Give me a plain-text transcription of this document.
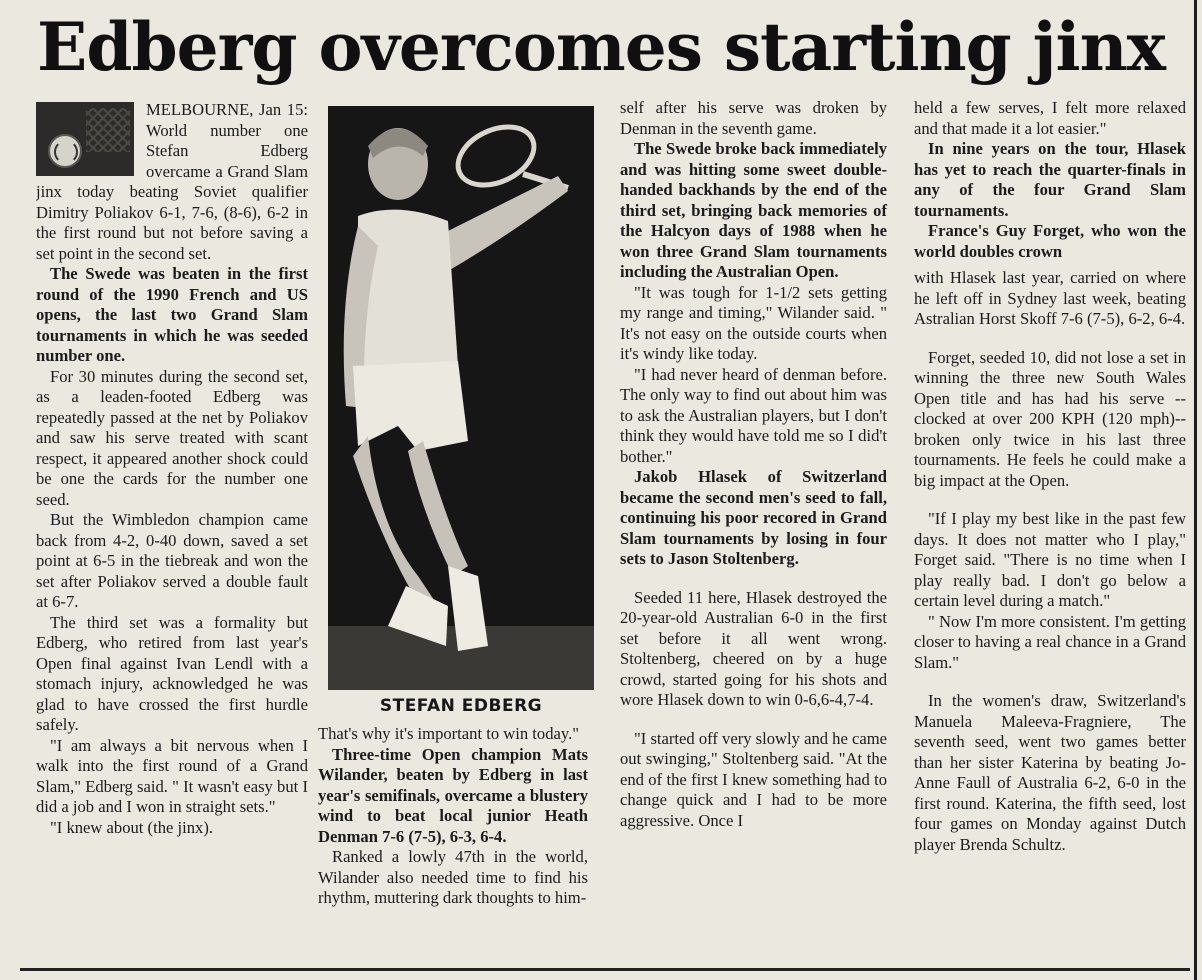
Edberg overcomes starting jinx

MELBOURNE, Jan 15: World number one Stefan Edberg overcame a Grand Slam jinx today beating Soviet qualifier Dimitry Poliakov 6-1, 7-6, (8-6), 6-2 in the first round but not before saving a set point in the second set.

The Swede was beaten in the first round of the 1990 French and US opens, the last two Grand Slam tournaments in which he was seeded number one.

For 30 minutes during the second set, as a leaden-footed Edberg was repeatedly passed at the net by Poliakov and saw his serve treated with scant respect, it appeared another shock could be one the cards for the number one seed.

But the Wimbledon champion came back from 4-2, 0-40 down, saved a set point at 6-5 in the tiebreak and won the set after Poliakov served a double fault at 6-7.

The third set was a formality but Edberg, who retired from last year's Open final against Ivan Lendl with a stomach injury, acknowledged he was glad to have crossed the first hurdle safely.

"I am always a bit nervous when I walk into the first round of a Grand Slam," Edberg said. " It wasn't easy but I did a job and I won in straight sets."

"I knew about (the jinx).

STEFAN EDBERG

That's why it's important to win today."

Three-time Open champion Mats Wilander, beaten by Edberg in last year's semifinals, overcame a blustery wind to beat local junior Heath Denman 7-6 (7-5), 6-3, 6-4.

Ranked a lowly 47th in the world, Wilander also needed time to find his rhythm, muttering dark thoughts to him-

self after his serve was droken by Denman in the seventh game.

The Swede broke back immediately and was hitting some sweet double-handed backhands by the end of the third set, bringing back memories of the Halcyon days of 1988 when he won three Grand Slam tournaments including the Australian Open.

"It was tough for 1-1/2 sets getting my range and timing," Wilander said. " It's not easy on the outside courts when it's windy like today.

"I had never heard of denman before. The only way to find out about him was to ask the Australian players, but I don't think they would have told me so I did't bother."

Jakob Hlasek of Switzerland became the second men's seed to fall, continuing his poor recored in Grand Slam tournaments by losing in four sets to Jason Stoltenberg.

Seeded 11 here, Hlasek destroyed the 20-year-old Australian 6-0 in the first set before it all went wrong. Stoltenberg, cheered on by a huge crowd, started going for his shots and wore Hlasek down to win 0-6,6-4,7-4.

"I started off very slowly and he came out swinging," Stoltenberg said. "At the end of the first I knew something had to change quick and I had to be more aggressive. Once I

held a few serves, I felt more relaxed and that made it a lot easier."

In nine years on the tour, Hlasek has yet to reach the quarter-finals in any of the four Grand Slam tournaments.

France's Guy Forget, who won the world doubles crown

with Hlasek last year, carried on where he left off in Sydney last week, beating Astralian Horst Skoff 7-6 (7-5), 6-2, 6-4.

Forget, seeded 10, did not lose a set in winning the three new South Wales Open title and has had his serve -- clocked at over 200 KPH (120 mph)-- broken only twice in his last three tournaments. He feels he could make a big impact at the Open.

"If I play my best like in the past few days. It does not matter who I play," Forget said. "There is no time when I play really bad. I don't go below a certain level during a match."

" Now I'm more consistent. I'm getting closer to having a real chance in a Grand Slam."

In the women's draw, Switzerland's Manuela Maleeva-Fragniere, The seventh seed, went two games better than her sister Katerina by beating Jo-Anne Faull of Australia 6-2, 6-0 in the first round. Katerina, the fifth seed, lost four games on Monday against Dutch player Brenda Schultz.
